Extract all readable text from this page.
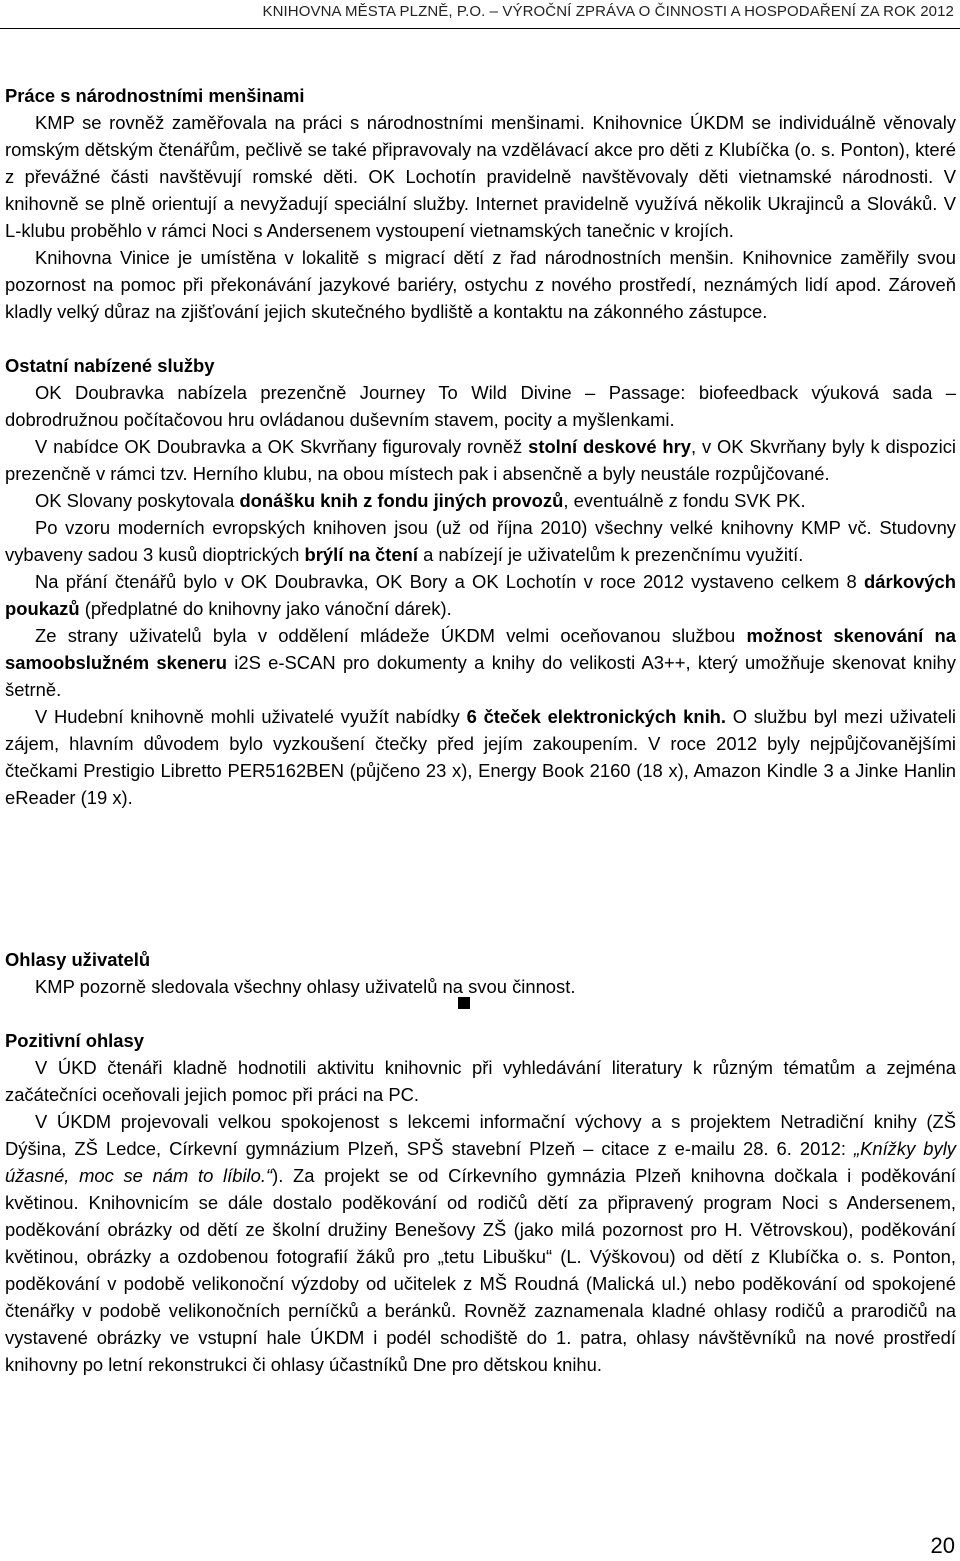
KNIHOVNA MĚSTA PLZNĚ, P.O. – VÝROČNÍ ZPRÁVA O ČINNOSTI A HOSPODAŘENÍ ZA ROK 2012
Práce s národnostními menšinami

KMP se rovněž zaměřovala na práci s národnostními menšinami. Knihovnice ÚKDM se individuálně věnovaly romským dětským čtenářům, pečlivě se také připravovaly na vzdělávací akce pro děti z Klubíčka (o. s. Ponton), které z převážné části navštěvují romské děti. OK Lochotín pravidelně navštěvovaly děti vietnamské národnosti. V knihovně se plně orientují a nevyžadují speciální služby. Internet pravidelně využívá několik Ukrajinců a Slováků. V L-klubu proběhlo v rámci Noci s Andersenem vystoupení vietnamských tanečnic v krojích.

Knihovna Vinice je umístěna v lokalitě s migrací dětí z řad národnostních menšin. Knihovnice zaměřily svou pozornost na pomoc při překonávání jazykové bariéry, ostychu z nového prostředí, neznámých lidí apod. Zároveň kladly velký důraz na zjišťování jejich skutečného bydliště a kontaktu na zákonného zástupce.

Ostatní nabízené služby

OK Doubravka nabízela prezenčně Journey To Wild Divine – Passage: biofeedback výuková sada – dobrodružnou počítačovou hru ovládanou duševním stavem, pocity a myšlenkami.

V nabídce OK Doubravka a OK Skvrňany figurovaly rovněž stolní deskové hry, v OK Skvrňany byly k dispozici prezenčně v rámci tzv. Herního klubu, na obou místech pak i absenčně a byly neustále rozpůjčované.

OK Slovany poskytovala donášku knih z fondu jiných provozů, eventuálně z fondu SVK PK.

Po vzoru moderních evropských knihoven jsou (už od října 2010) všechny velké knihovny KMP vč. Studovny vybaveny sadou 3 kusů dioptrických brýlí na čtení a nabízejí je uživatelům k prezenčnímu využití.

Na přání čtenářů bylo v OK Doubravka, OK Bory a OK Lochotín v roce 2012 vystaveno celkem 8 dárkových poukazů (předplatné do knihovny jako vánoční dárek).

Ze strany uživatelů byla v oddělení mládeže ÚKDM velmi oceňovanou službou možnost skenování na samoobslužném skeneru i2S e-SCAN pro dokumenty a knihy do velikosti A3++, který umožňuje skenovat knihy šetrně.

V Hudební knihovně mohli uživatelé využít nabídky 6 čteček elektronických knih. O službu byl mezi uživateli zájem, hlavním důvodem bylo vyzkoušení čtečky před jejím zakoupením. V roce 2012 byly nejpůjčovanějšími čtečkami Prestigio Libretto PER5162BEN (půjčeno 23 x), Energy Book 2160 (18 x), Amazon Kindle 3 a Jinke Hanlin eReader (19 x).

Ohlasy uživatelů

KMP pozorně sledovala všechny ohlasy uživatelů na svou činnost.

Pozitivní ohlasy

V ÚKD čtenáři kladně hodnotili aktivitu knihovnic při vyhledávání literatury k různým tématům a zejména začátečníci oceňovali jejich pomoc při práci na PC.

V ÚKDM projevovali velkou spokojenost s lekcemi informační výchovy a s projektem Netradiční knihy (ZŠ Dýšina, ZŠ Ledce, Církevní gymnázium Plzeň, SPŠ stavební Plzeň – citace z e-mailu 28. 6. 2012: „Knížky byly úžasné, moc se nám to líbilo.“). Za projekt se od Církevního gymnázia Plzeň knihovna dočkala i poděkování květinou. Knihovnicím se dále dostalo poděkování od rodičů dětí za připravený program Noci s Andersenem, poděkování obrázky od dětí ze školní družiny Benešovy ZŠ (jako milá pozornost pro H. Větrovskou), poděkování květinou, obrázky a ozdobenou fotografií žáků pro „tetu Libušku“ (L. Výškovou) od dětí z Klubíčka o. s. Ponton, poděkování v podobě velikonoční výzdoby od učitelek z MŠ Roudná (Malická ul.) nebo poděkování od spokojené čtenářky v podobě velikonočních perníčků a beránků. Rovněž zaznamenala kladné ohlasy rodičů a prarodičů na vystavené obrázky ve vstupní hale ÚKDM i podél schodiště do 1. patra, ohlasy návštěvníků na nové prostředí knihovny po letní rekonstrukci či ohlasy účastníků Dne pro dětskou knihu.

20
